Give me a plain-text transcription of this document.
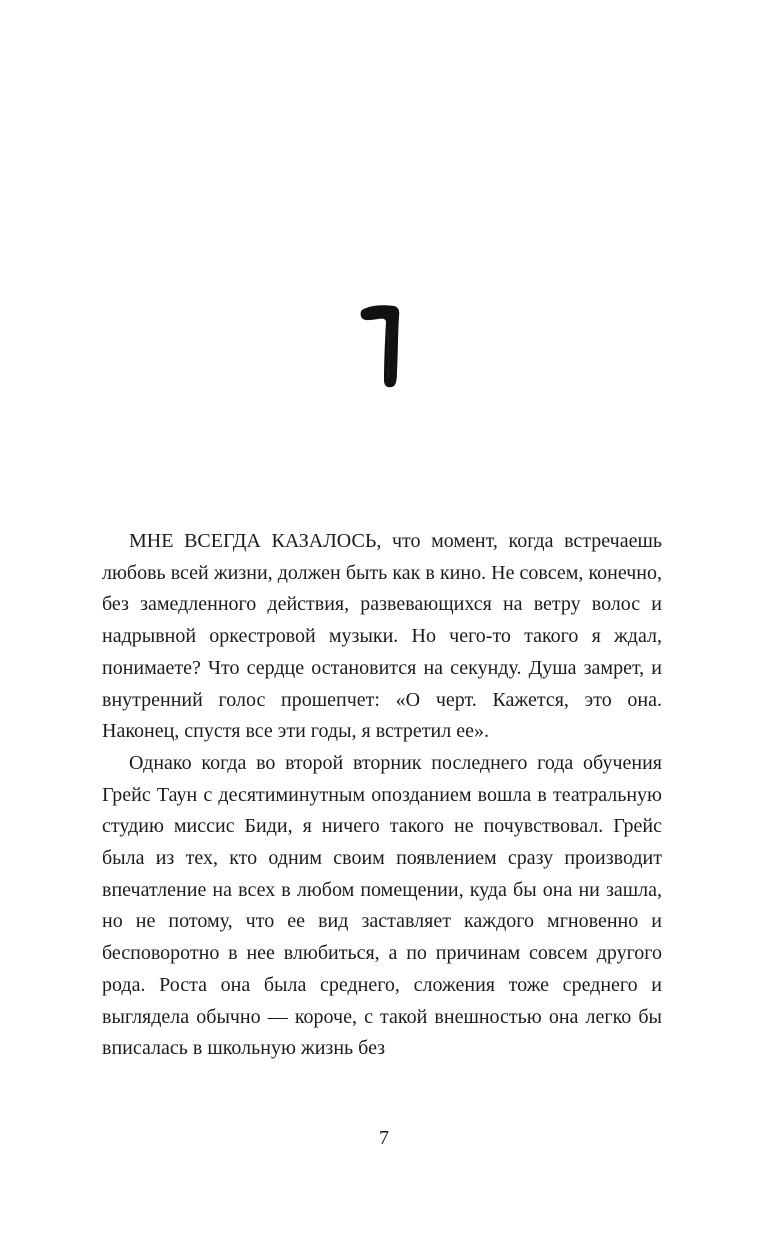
МНЕ ВСЕГДА КАЗАЛОСЬ, что момент, когда встречаешь любовь всей жизни, должен быть как в кино. Не совсем, конечно, без замедленного действия, развевающихся на ветру волос и надрывной оркестровой музыки. Но чего-то такого я ждал, понимаете? Что сердце остановится на секунду. Душа замрет, и внутренний голос прошепчет: «О черт. Кажется, это она. Наконец, спустя все эти годы, я встретил ее».

Однако когда во второй вторник последнего года обучения Грейс Таун с десятиминутным опозданием вошла в театральную студию миссис Биди, я ничего такого не почувствовал. Грейс была из тех, кто одним своим появлением сразу производит впечатление на всех в любом помещении, куда бы она ни зашла, но не потому, что ее вид заставляет каждого мгновенно и бесповоротно в нее влюбиться, а по причинам совсем другого рода. Роста она была среднего, сложения тоже среднего и выглядела обычно — короче, с такой внешностью она легко бы вписалась в школьную жизнь без

7
